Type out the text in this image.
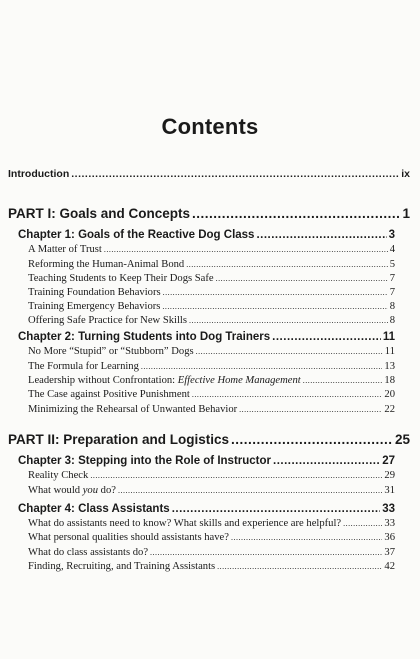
Contents
Introduction .....	ix
PART I: Goals and Concepts .....	1
Chapter 1: Goals of the Reactive Dog Class .....	3
A Matter of Trust .....	4
Reforming the Human-Animal Bond .....	5
Teaching Students to Keep Their Dogs Safe .....	7
Training Foundation Behaviors .....	7
Training Emergency Behaviors .....	8
Offering Safe Practice for New Skills .....	8
Chapter 2: Turning Students into Dog Trainers .....	11
No More “Stupid” or “Stubborn” Dogs .....	11
The Formula for Learning .....	13
Leadership without Confrontation: Effective Home Management .....	18
The Case against Positive Punishment .....	20
Minimizing the Rehearsal of Unwanted Behavior .....	22
PART II: Preparation and Logistics .....	25
Chapter 3: Stepping into the Role of Instructor .....	27
Reality Check .....	29
What would you do? .....	31
Chapter 4: Class Assistants .....	33
What do assistants need to know? What skills and experience are helpful? .....	33
What personal qualities should assistants have? .....	36
What do class assistants do? .....	37
Finding, Recruiting, and Training Assistants .....	42
